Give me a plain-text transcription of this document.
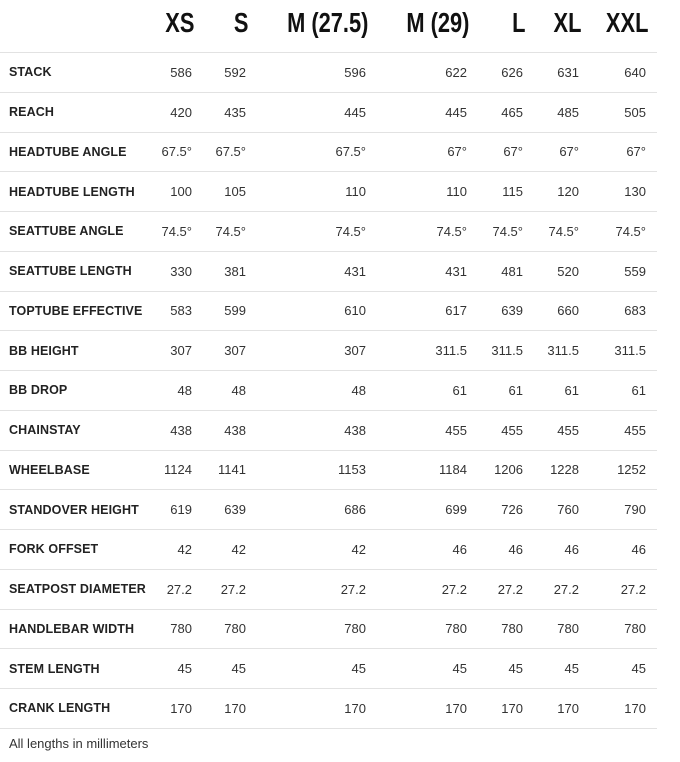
	XS	S	M (27.5)	M (29)	L	XL	XXL
STACK	586	592	596	622	626	631	640
REACH	420	435	445	445	465	485	505
HEADTUBE ANGLE	67.5°	67.5°	67.5°	67°	67°	67°	67°
HEADTUBE LENGTH	100	105	110	110	115	120	130
SEATTUBE ANGLE	74.5°	74.5°	74.5°	74.5°	74.5°	74.5°	74.5°
SEATTUBE LENGTH	330	381	431	431	481	520	559
TOPTUBE EFFECTIVE	583	599	610	617	639	660	683
BB HEIGHT	307	307	307	311.5	311.5	311.5	311.5
BB DROP	48	48	48	61	61	61	61
CHAINSTAY	438	438	438	455	455	455	455
WHEELBASE	1124	1141	1153	1184	1206	1228	1252
STANDOVER HEIGHT	619	639	686	699	726	760	790
FORK OFFSET	42	42	42	46	46	46	46
SEATPOST DIAMETER	27.2	27.2	27.2	27.2	27.2	27.2	27.2
HANDLEBAR WIDTH	780	780	780	780	780	780	780
STEM LENGTH	45	45	45	45	45	45	45
CRANK LENGTH	170	170	170	170	170	170	170
All lengths in millimeters
